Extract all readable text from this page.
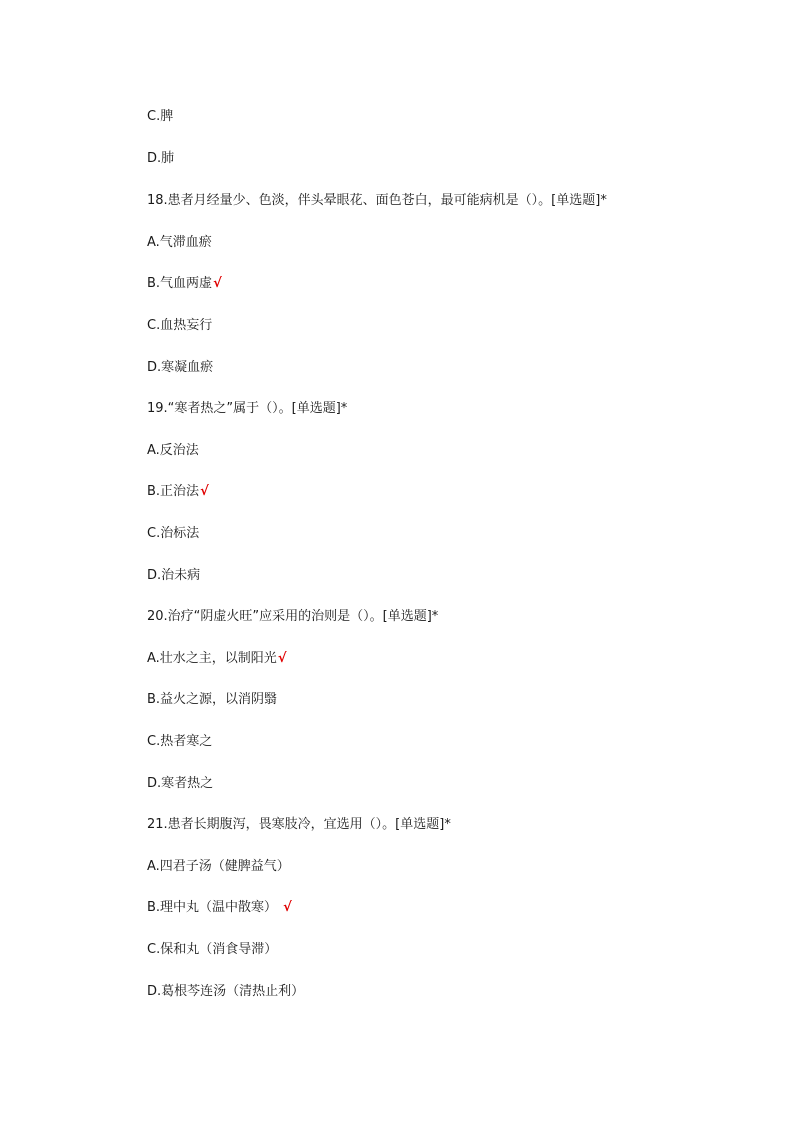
C.脾
D.肺
18.患者月经量少、色淡，伴头晕眼花、面色苍白，最可能病机是（）。[单选题]*
A.气滞血瘀
B.气血两虚√
C.血热妄行
D.寒凝血瘀
19.“寒者热之”属于（）。[单选题]*
A.反治法
B.正治法√
C.治标法
D.治未病
20.治疗“阴虚火旺”应采用的治则是（）。[单选题]*
A.壮水之主，以制阳光√
B.益火之源，以消阴翳
C.热者寒之
D.寒者热之
21.患者长期腹泻，畏寒肢冷，宜选用（）。[单选题]*
A.四君子汤（健脾益气）
B.理中丸（温中散寒） √
C.保和丸（消食导滞）
D.葛根芩连汤（清热止利）
